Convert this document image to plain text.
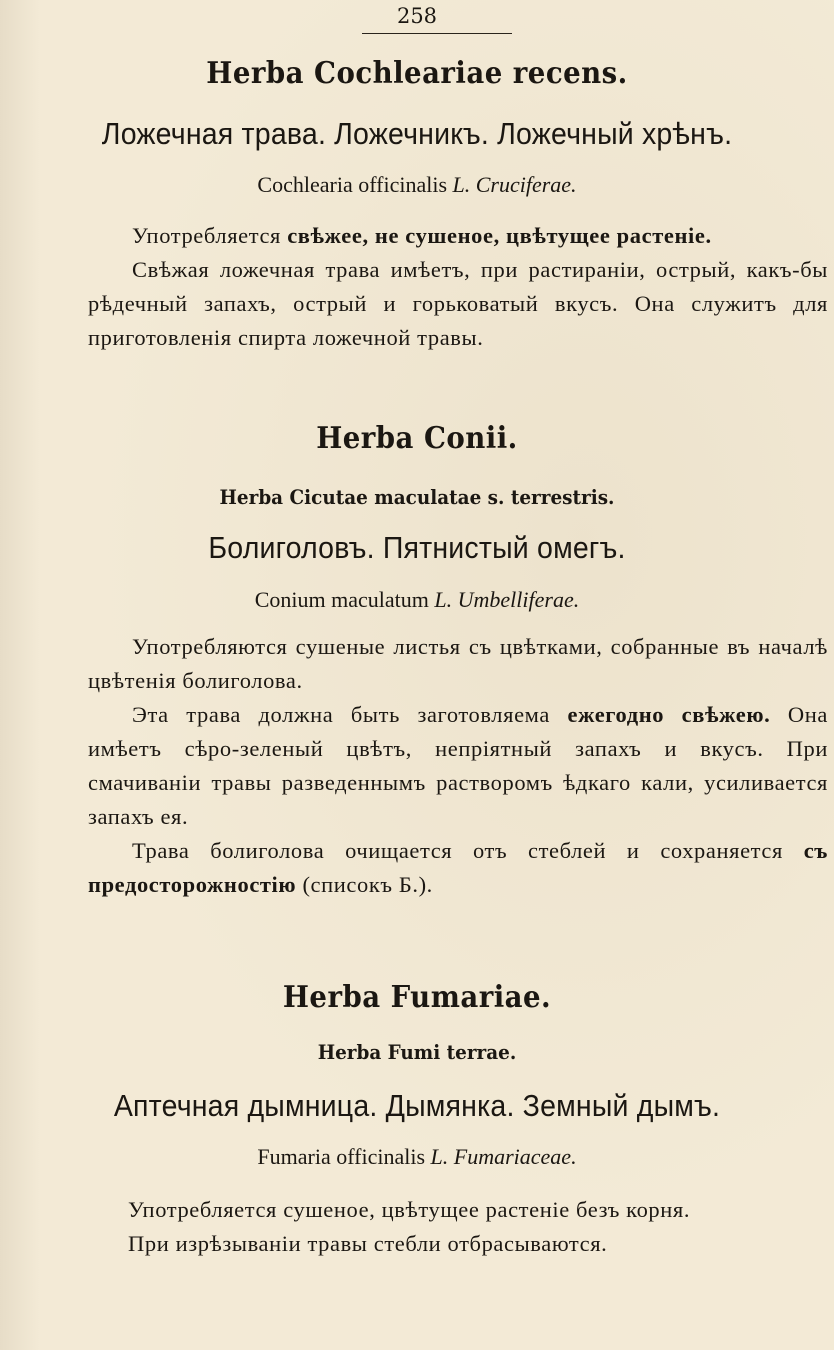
258
Herba Cochleariae recens.
Ложечная трава. Ложечникъ. Ложечный хрѣнъ.
Cochlearia officinalis L. Cruciferae.

Употребляется свѣжее, не сушеное, цвѣтущее растеніе.

Свѣжая ложечная трава имѣетъ, при растираніи, острый, какъ-бы рѣдечный запахъ, острый и горьковатый вкусъ. Она служитъ для приготовленія спирта ложечной травы.

Herba Conii.
Herba Cicutae maculatae s. terrestris.
Болиголовъ. Пятнистый омегъ.
Conium maculatum L. Umbelliferae.

Употребляются сушеные листья съ цвѣтками, собранные въ началѣ цвѣтенія болиголова.

Эта трава должна быть заготовляема ежегодно свѣжею. Она имѣетъ сѣро-зеленый цвѣтъ, непріятный запахъ и вкусъ. При смачиваніи травы разведеннымъ растворомъ ѣдкаго кали, усиливается запахъ ея.

Трава болиголова очищается отъ стеблей и сохраняется съ предосторожностію (списокъ Б.).

Herba Fumariae.
Herba Fumi terrae.
Аптечная дымница. Дымянка. Земный дымъ.
Fumaria officinalis L. Fumariaceae.

Употребляется сушеное, цвѣтущее растеніе безъ корня.

При изрѣзываніи травы стебли отбрасываются.
